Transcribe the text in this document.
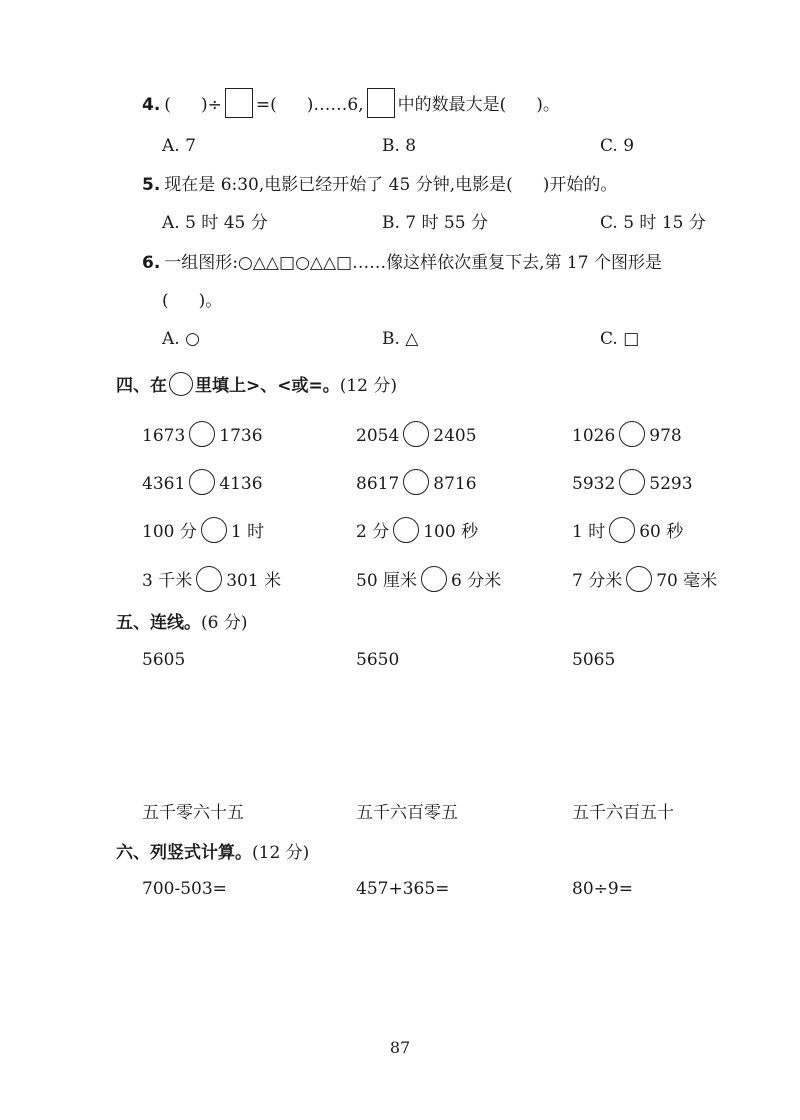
4. ( ) ÷ = ( ) ……6, 中的数最大是( )。
A. 7	B. 8	C. 9
5. 现在是 6:30,电影已经开始了 45 分钟,电影是( )开始的。
A. 5 时 45 分	B. 7 时 55 分	C. 5 时 15 分
6. 一组图形:○△△□○△△□……像这样依次重复下去,第 17 个图形是
( )。
A. ○	B. △	C. □
四、在 里填上>、<或=。 (12 分)
1673 1736	2054 2405	1026 978
4361 4136	8617 8716	5932 5293
100 分 1 时	2 分 100 秒	1 时 60 秒
3 千米 301 米	50 厘米 6 分米	7 分米 70 毫米
五、连线。 (6 分)
5605	5650	5065
五千零六十五	五千六百零五	五千六百五十
六、列竖式计算。 (12 分)
700-503=	457+365=	80÷9=
87
